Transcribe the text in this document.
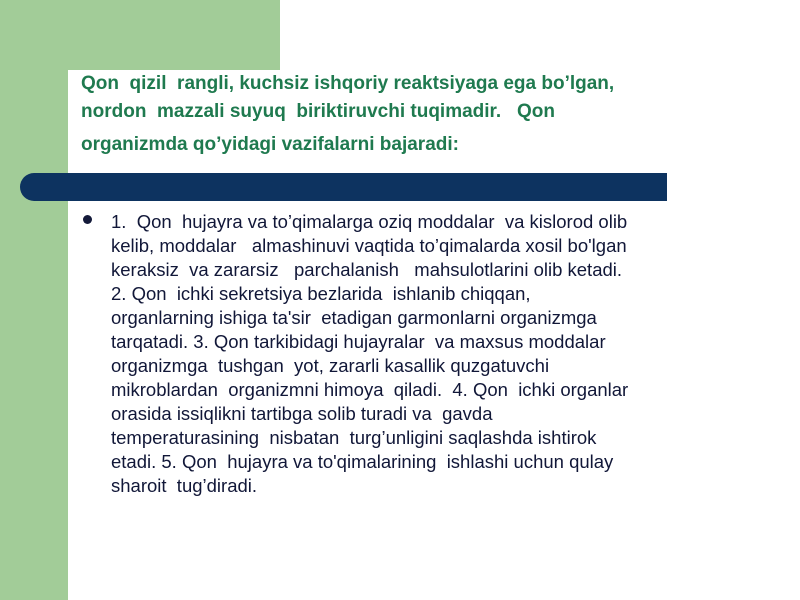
Qon  qizil  rangli, kuchsiz ishqoriy reaktsiyaga ega bo’lgan,
nordon  mazzali suyuq  biriktiruvchi tuqimadir.   Qon

organizmda qo’yidagi vazifalarni bajaradi:

1.  Qon  hujayra va to’qimalarga oziq moddalar  va kislorod olib
kelib, moddalar   almashinuvi vaqtida to’qimalarda xosil bo'lgan
keraksiz  va zararsiz   parchalanish   mahsulotlarini olib ketadi.
2. Qon  ichki sekretsiya bezlarida  ishlanib chiqqan,
organlarning ishiga ta'sir  etadigan garmonlarni organizmga
tarqatadi. 3. Qon tarkibidagi hujayralar  va maxsus moddalar
organizmga  tushgan  yot, zararli kasallik quzgatuvchi
mikroblardan  organizmni himoya  qiladi.  4. Qon  ichki organlar
orasida issiqlikni tartibga solib turadi va  gavda
temperaturasining  nisbatan  turg’unligini saqlashda ishtirok
etadi. 5. Qon  hujayra va to'qimalarining  ishlashi uchun qulay
sharoit  tug’diradi.
